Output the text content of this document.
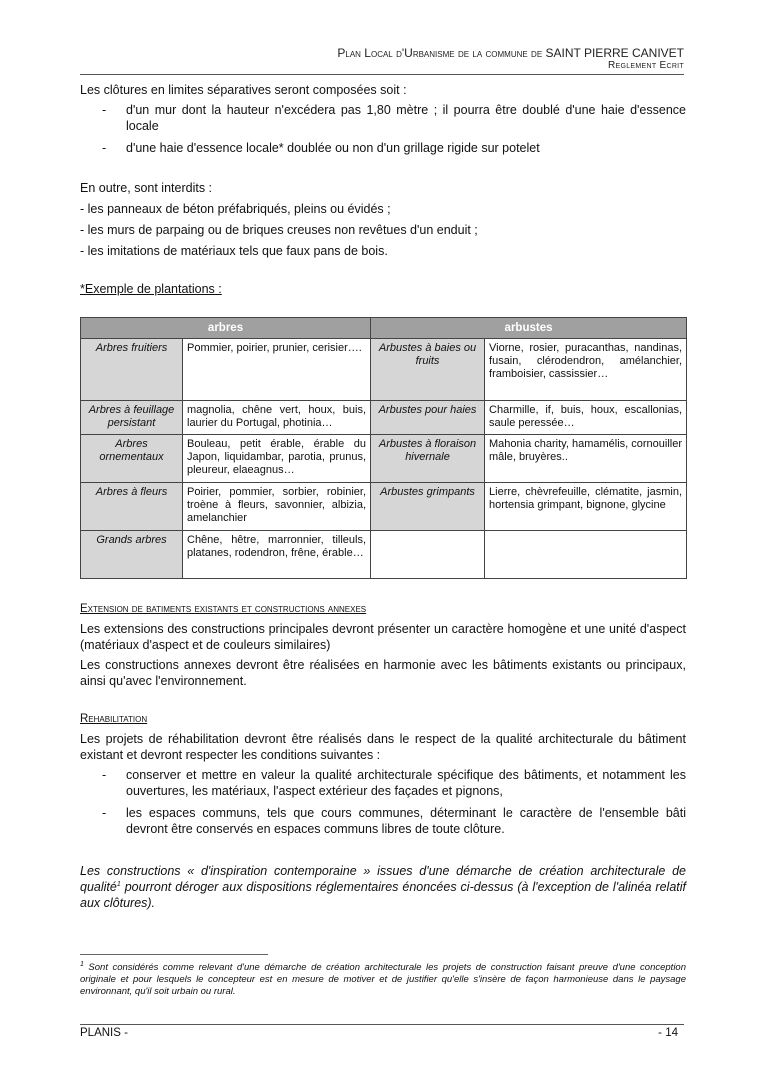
Plan Local d'Urbanisme de la commune de SAINT PIERRE CANIVET
Reglement Ecrit

Les clôtures en limites séparatives seront composées soit :

- d'un mur dont la hauteur n'excédera pas 1,80 mètre ; il pourra être doublé d'une haie d'essence locale
- d'une haie d'essence locale* doublée ou non d'un grillage rigide sur potelet

En outre, sont interdits :

- les panneaux de béton préfabriqués, pleins ou évidés ;

- les murs de parpaing ou de briques creuses non revêtues d'un enduit ;

- les imitations de matériaux tels que faux pans de bois.

*Exemple de plantations :

arbres		arbustes	
Arbres fruitiers	Pommier, poirier, prunier, cerisier….	Arbustes à baies ou fruits	Viorne, rosier, puracanthas, nandinas, fusain, clérodendron, amélanchier, framboisier, cassissier…
Arbres à feuillage persistant	magnolia, chêne vert, houx, buis, laurier du Portugal, photinia…	Arbustes pour haies	Charmille, if, buis, houx, escallonias, saule peressée…
Arbres ornementaux	Bouleau, petit érable, érable du Japon, liquidambar, parotia, prunus, pleureur, elaeagnus…	Arbustes à floraison hivernale	Mahonia charity, hamamélis, cornouiller mâle, bruyères..
Arbres à fleurs	Poirier, pommier, sorbier, robinier, troène à fleurs, savonnier, albizia, amelanchier	Arbustes grimpants	Lierre, chèvrefeuille, clématite, jasmin, hortensia grimpant, bignone, glycine
Grands arbres	Chêne, hêtre, marronnier, tilleuls, platanes, rodendron, frêne, érable…		

Extension de batiments existants et constructions annexes

Les extensions des constructions principales devront présenter un caractère homogène et une unité d'aspect (matériaux d'aspect et de couleurs similaires)

Les constructions annexes devront être réalisées en harmonie avec les bâtiments existants ou principaux, ainsi qu'avec l'environnement.

Rehabilitation

Les projets de réhabilitation devront être réalisés dans le respect de la qualité architecturale du bâtiment existant et devront respecter les conditions suivantes :

- conserver et mettre en valeur la qualité architecturale spécifique des bâtiments, et notamment les ouvertures, les matériaux, l'aspect extérieur des façades et pignons,
- les espaces communs, tels que cours communes, déterminant le caractère de l'ensemble bâti devront être conservés en espaces communs libres de toute clôture.

Les constructions « d'inspiration contemporaine » issues d'une démarche de création architecturale de qualité$^1$ pourront déroger aux dispositions réglementaires énoncées ci-dessus (à l'exception de l'alinéa relatif aux clôtures).

$^1$ Sont considérés comme relevant d'une démarche de création architecturale les projets de construction faisant preuve d'une conception originale et pour lesquels le concepteur est en mesure de motiver et de justifier qu'elle s'insère de façon harmonieuse dans le paysage environnant, qu'il soit urbain ou rural.
PLANIS -	- 14
